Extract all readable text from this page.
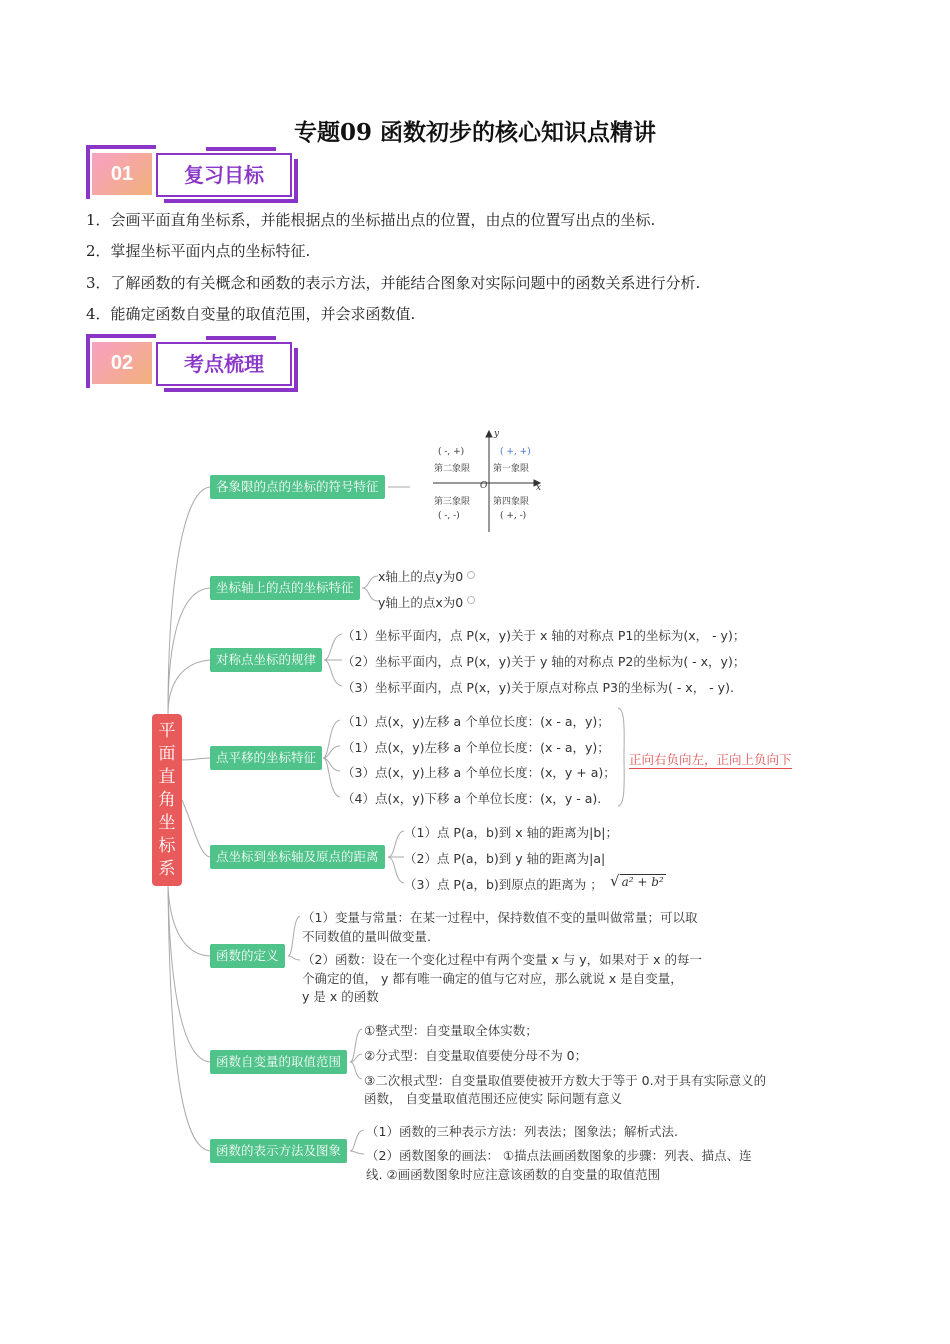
专题09 函数初步的核心知识点精讲
01	复习目标
1．会画平面直角坐标系，并能根据点的坐标描出点的位置，由点的位置写出点的坐标.
2．掌握坐标平面内点的坐标特征.
3．了解函数的有关概念和函数的表示方法，并能结合图象对实际问题中的函数关系进行分析.
4．能确定函数自变量的取值范围，并会求函数值.
02	考点梳理
平面直角坐标系
y
x
O
( -, +)
第二象限
( +, +)
第一象限
第三象限
( -, -)
第四象限
( +, -)
各象限的点的坐标的符号特征
坐标轴上的点的坐标特征
x轴上的点y为0
y轴上的点x为0
对称点坐标的规律
（1）坐标平面内，点 P(x，y)关于 x 轴的对称点 P1的坐标为(x， - y)；
（2）坐标平面内，点 P(x，y)关于 y 轴的对称点 P2的坐标为( - x，y)；
（3）坐标平面内，点 P(x，y)关于原点对称点 P3的坐标为( - x， - y).
点平移的坐标特征
（1）点(x，y)左移 a 个单位长度：(x - a，y)；
（1）点(x，y)左移 a 个单位长度：(x - a，y)；
（3）点(x，y)上移 a 个单位长度：(x，y + a)；
（4）点(x，y)下移 a 个单位长度：(x，y - a).
正向右负向左，正向上负向下
点坐标到坐标轴及原点的距离
（1）点 P(a，b)到 x 轴的距离为|b|；
（2）点 P(a，b)到 y 轴的距离为|a|
（3）点 P(a，b)到原点的距离为 ； √ a² + b²
函数的定义
（1）变量与常量：在某一过程中，保持数值不变的量叫做常量；可以取
不同数值的量叫做变量.
（2）函数：设在一个变化过程中有两个变量 x 与 y，如果对于 x 的每一
个确定的值， y 都有唯一确定的值与它对应，那么就说 x 是自变量，
y 是 x 的函数
函数自变量的取值范围
①整式型：自变量取全体实数；
②分式型：自变量取值要使分母不为 0；
③二次根式型：自变量取值要使被开方数大于等于 0.对于具有实际意义的
函数， 自变量取值范围还应使实 际问题有意义
函数的表示方法及图象
（1）函数的三种表示方法：列表法；图象法；解析式法.
（2）函数图象的画法： ①描点法画函数图象的步骤：列表、描点、连
线. ②画函数图象时应注意该函数的自变量的取值范围
